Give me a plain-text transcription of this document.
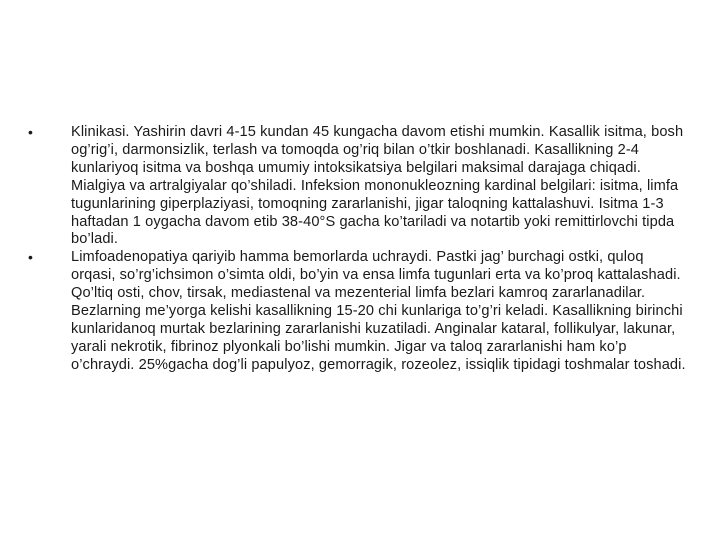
•	Klinikasi. Yashirin davri 4-15 kundan 45 kungacha davom etishi mumkin. Kasallik isitma, bosh og’rig’i, darmonsizlik, terlash va tomoqda og’riq bilan o’tkir boshlanadi. Kasallikning 2-4 kunlariyoq isitma va boshqa umumiy intoksikatsiya belgilari maksimal darajaga chiqadi. Mialgiya va artralgiyalar qo’shiladi. Infeksion mononukleozning kardinal belgilari: isitma, limfa tugunlarining giperplaziyasi, tomoqning zararlanishi, jigar taloqning kattalashuvi. Isitma 1-3 haftadan 1 oygacha davom etib 38-40°S gacha ko’tariladi va notartib yoki remittirlovchi tipda bo’ladi.
•	Limfoadenopatiya qariyib hamma bemorlarda uchraydi. Pastki jag’ burchagi ostki, quloq orqasi, so’rg’ichsimon o’simta oldi, bo’yin va ensa limfa tugunlari erta va ko’proq kattalashadi. Qo’ltiq osti, chov, tirsak, mediastenal va mezenterial limfa bezlari kamroq zararlanadilar. Bezlarning me’yorga kelishi kasallikning 15-20 chi kunlariga to’g’ri keladi. Kasallikning birinchi kunlaridanoq murtak bezlarining zararlanishi kuzatiladi. Anginalar kataral, follikulyar, lakunar, yarali nekrotik, fibrinoz plyonkali bo’lishi mumkin. Jigar va taloq zararlanishi ham ko’p o’chraydi. 25%gacha dog’li papulyoz, gemorragik, rozeolez, issiqlik tipidagi toshmalar toshadi.
